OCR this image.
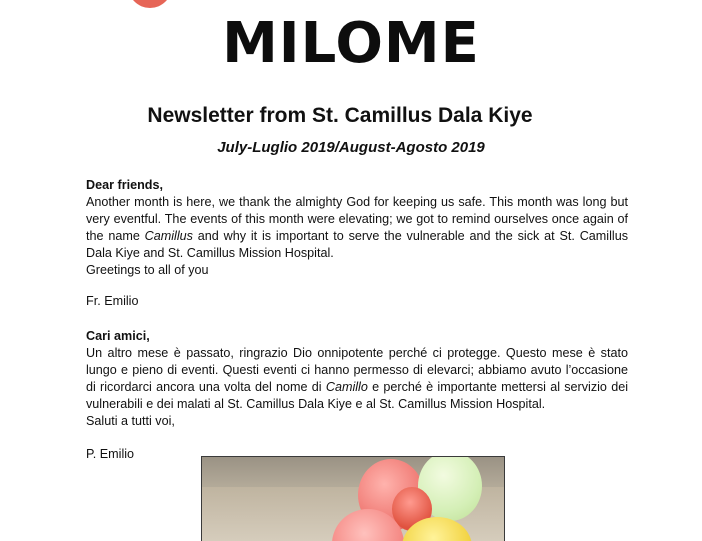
MILOME
Newsletter from St. Camillus Dala Kiye
July-Luglio 2019/August-Agosto 2019

Dear friends,

Another month is here, we thank the almighty God for keeping us safe. This month was long but very eventful. The events of this month were elevating; we got to remind ourselves once again of the name Camillus and why it is important to serve the vulnerable and the sick at St. Camillus Dala Kiye and St. Camillus Mission Hospital.

Greetings to all of you

Fr. Emilio

Cari amici,

Un altro mese è passato, ringrazio Dio onnipotente perché ci protegge. Questo mese è stato lungo e pieno di eventi. Questi eventi ci hanno permesso di elevarci; abbiamo avuto l’occasione di ricordarci ancora una volta del nome di Camillo e perché è importante mettersi al servizio dei vulnerabili e dei malati al St. Camillus Dala Kiye e al St. Camillus Mission Hospital.

Saluti a tutti voi,

P. Emilio
